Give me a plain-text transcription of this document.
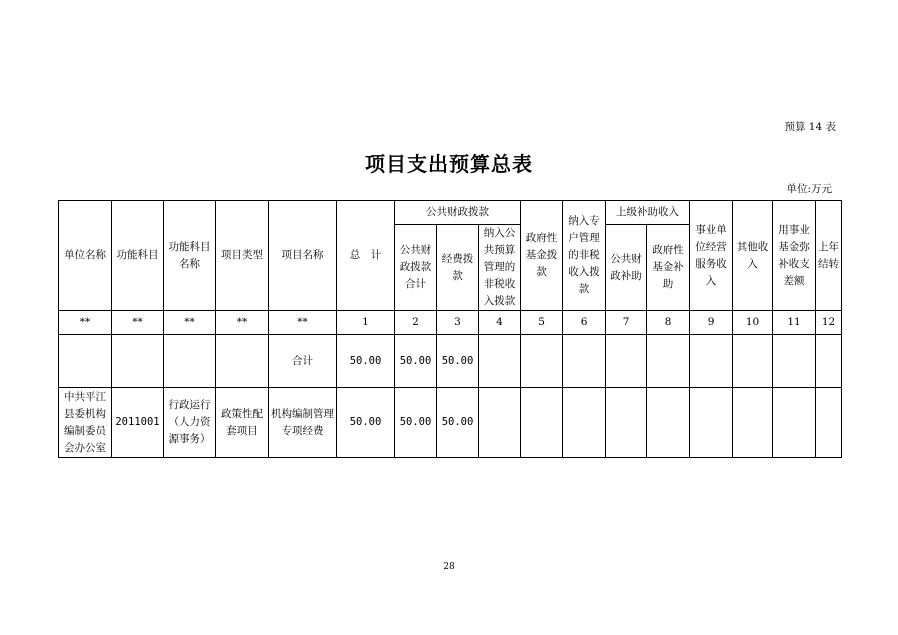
预算 14 表
项目支出预算总表
单位:万元
单位名称	功能科目	功能科目名称	项目类型	项目名称	总　计	公共财政拨款			政府性基金拨款	纳入专户管理的非税收入拨款	上级补助收入		事业单位经营服务收入	其他收入	用事业基金弥补收支差额	上年结转
						公共财政拨款合计	经费拨款	纳入公共预算管理的非税收入拨款			公共财政补助	政府性基金补助				
**	**	**	**	**	1	2	3	4	5	6	7	8	9	10	11	12
				合计	50.00	50.00	50.00									
中共平江县委机构编制委员会办公室	2011001	行政运行（人力资源事务）	政策性配套项目	机构编制管理专项经费	50.00	50.00	50.00									
28
